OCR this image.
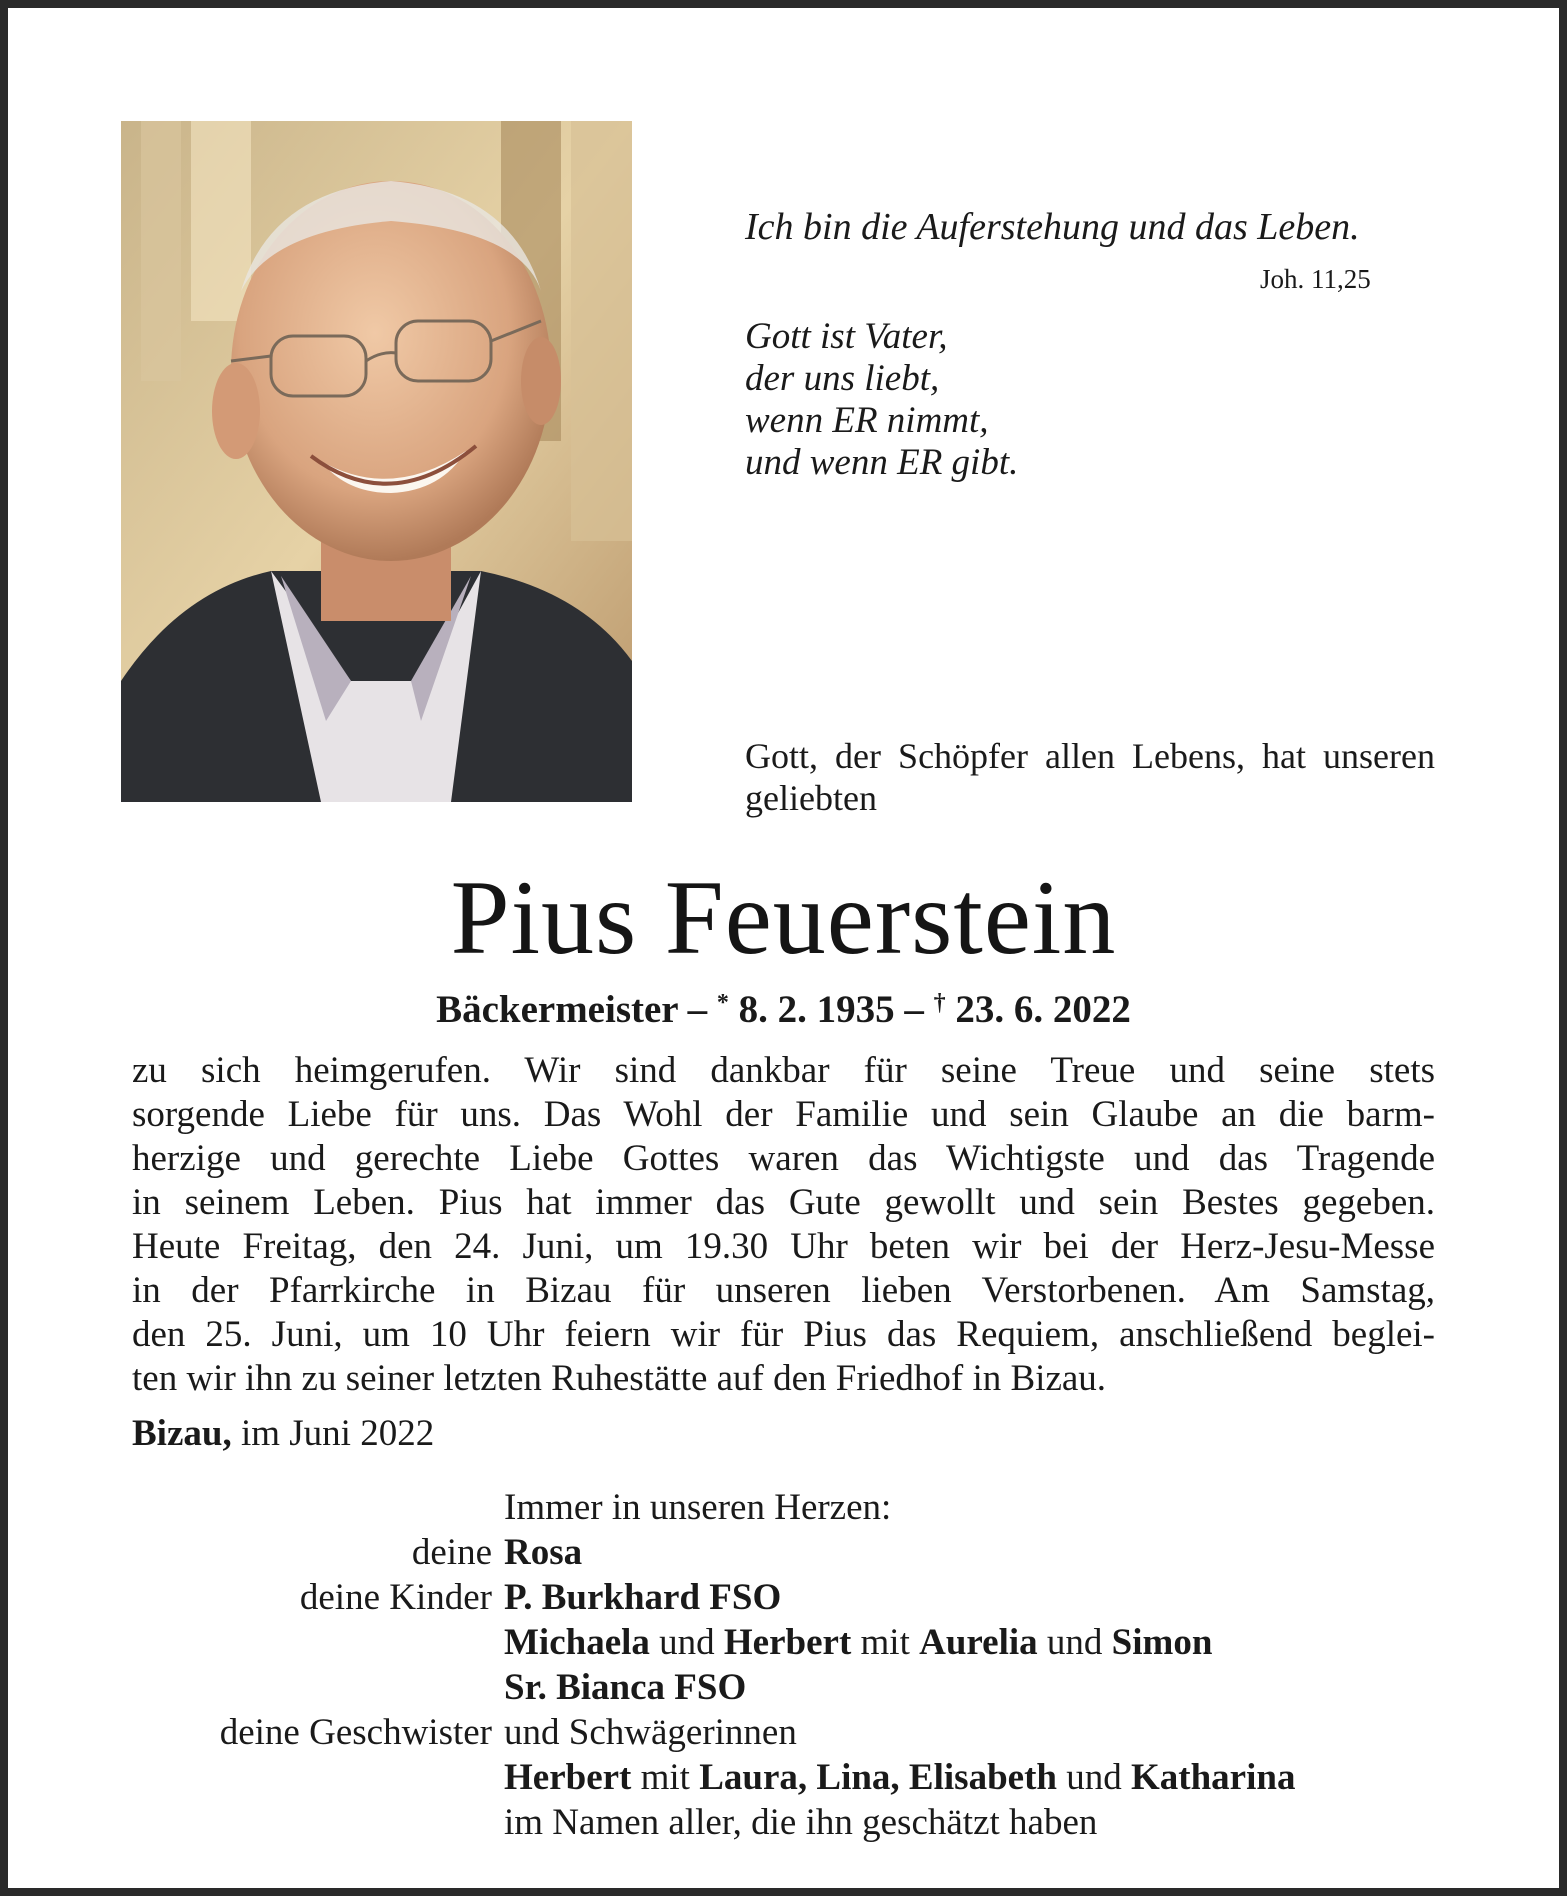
Ich bin die Auferstehung und das Leben.
Joh. 11,25
Gott ist Vater,
der uns liebt,
wenn ER nimmt,
und wenn ER gibt.
Gott, der Schöpfer allen Lebens, hat unseren geliebten
Pius Feuerstein
Bäckermeister – * 8. 2. 1935 – † 23. 6. 2022
zu sich heimgerufen. Wir sind dankbar für seine Treue und seine stets
sorgende Liebe für uns. Das Wohl der Familie und sein Glaube an die barm-
herzige und gerechte Liebe Gottes waren das Wichtigste und das Tragende
in seinem Leben. Pius hat immer das Gute gewollt und sein Bestes gegeben.
Heute Freitag, den 24. Juni, um 19.30 Uhr beten wir bei der Herz-Jesu-Messe
in der Pfarrkirche in Bizau für unseren lieben Verstorbenen. Am Samstag,
den 25. Juni, um 10 Uhr feiern wir für Pius das Requiem, anschließend beglei-
ten wir ihn zu seiner letzten Ruhestätte auf den Friedhof in Bizau.
Bizau, im Juni 2022
Immer in unseren Herzen:
deine Rosa
deine Kinder P. Burkhard FSO
Michaela und Herbert mit Aurelia und Simon
Sr. Bianca FSO
deine Geschwister und Schwägerinnen
Herbert mit Laura, Lina, Elisabeth und Katharina
im Namen aller, die ihn geschätzt haben
